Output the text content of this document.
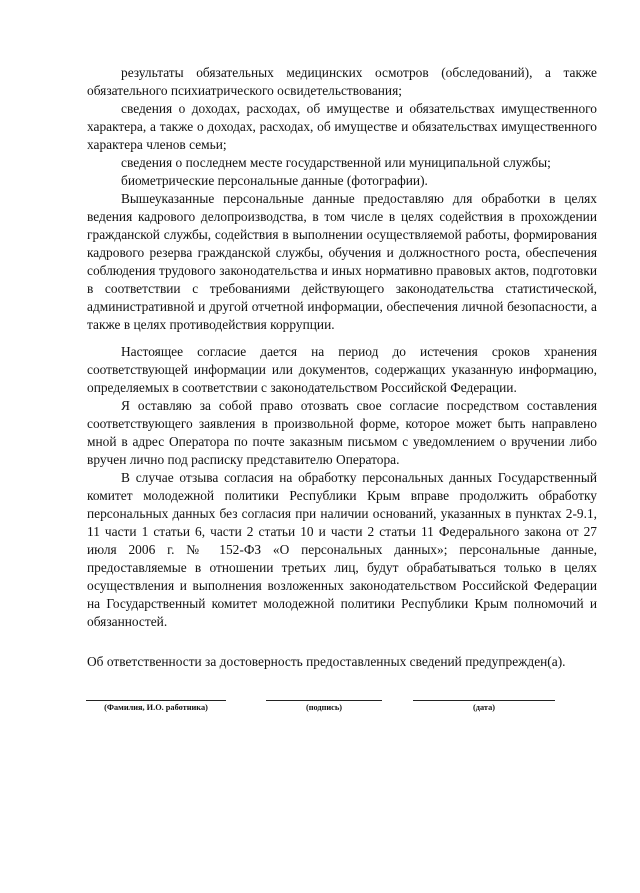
результаты обязательных медицинских осмотров (обследований), а также обязательного психиатрического освидетельствования;

сведения о доходах, расходах, об имуществе и обязательствах имущественного характера, а также о доходах, расходах, об имуществе и обязательствах имущественного характера членов семьи;

сведения о последнем месте государственной или муниципальной службы;

биометрические персональные данные (фотографии).

Вышеуказанные персональные данные предоставляю для обработки в целях ведения кадрового делопроизводства, в том числе в целях содействия в прохождении гражданской службы, содействия в выполнении осуществляемой работы, формирования кадрового резерва гражданской службы, обучения и должностного роста, обеспечения соблюдения трудового законодательства и иных нормативно правовых актов, подготовки в соответствии с требованиями действующего законодательства статистической, административной и другой отчетной информации, обеспечения личной безопасности, а также в целях противодействия коррупции.

Настоящее согласие дается на период до истечения сроков хранения соответствующей информации или документов, содержащих указанную информацию, определяемых в соответствии с законодательством Российской Федерации.

Я оставляю за собой право отозвать свое согласие посредством составления соответствующего заявления в произвольной форме, которое может быть направлено мной в адрес Оператора по почте заказным письмом с уведомлением о вручении либо вручен лично под расписку представителю Оператора.

В случае отзыва согласия на обработку персональных данных Государственный комитет молодежной политики Республики Крым вправе продолжить обработку персональных данных без согласия при наличии оснований, указанных в пунктах 2-9.1, 11 части 1 статьи 6, части 2 статьи 10 и части 2 статьи 11 Федерального закона от 27 июля 2006 г. № 152-ФЗ «О персональных данных»; персональные данные, предоставляемые в отношении третьих лиц, будут обрабатываться только в целях осуществления и выполнения возложенных законодательством Российской Федерации на Государственный комитет молодежной политики Республики Крым полномочий и обязанностей.

Об ответственности за достоверность предоставленных сведений предупрежден(а).

(Фамилия, И.О. работника)	(подпись)	(дата)
